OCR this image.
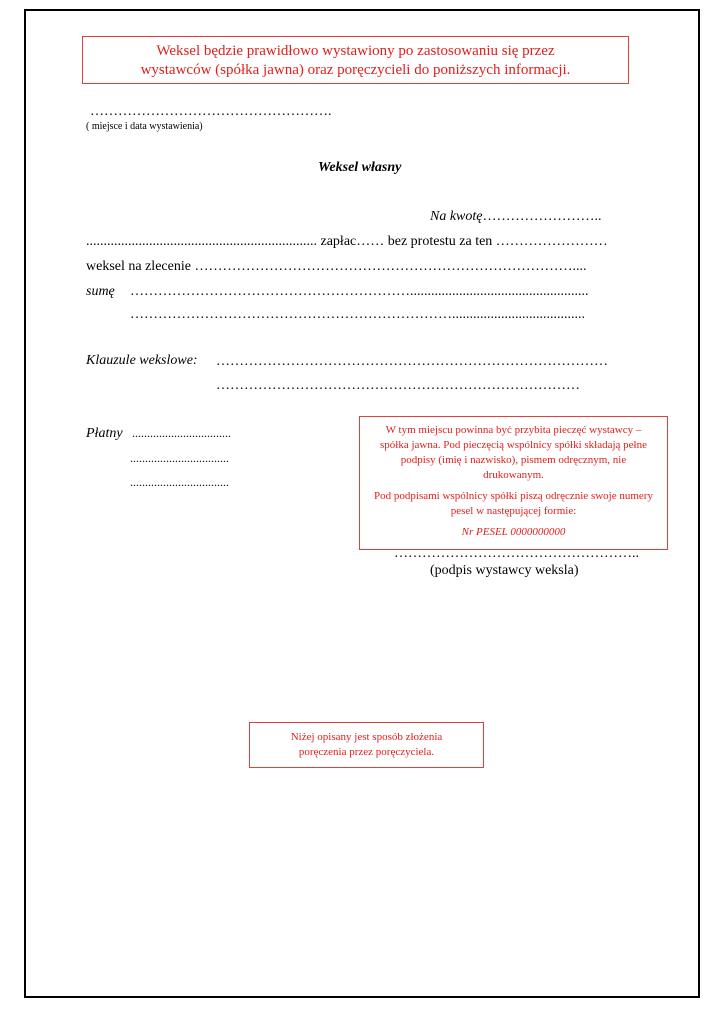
Weksel będzie prawidłowo wystawiony po zastosowaniu się przez
wystawców (spółka jawna) oraz poręczycieli do poniższych informacji.
…………………………………………….
( miejsce i data wystawienia)
Weksel własny
Na kwotę……………………..
.................................................................. zapłac…… bez protestu za ten ……………………
weksel na zlecenie ………………………………………………………………………....
sumę ……………………………………………………...................................................
……………………………………………………………......................................
Klauzule wekslowe: …………………………………………………………………………
……………………………………………………………………
Płatny .................................
.................................
.................................

W tym miejscu powinna być przybita pieczęć wystawcy – spółka jawna. Pod pieczęcią wspólnicy spółki składają pełne podpisy (imię i nazwisko), pismem odręcznym, nie drukowanym.

Pod podpisami wspólnicy spółki piszą odręcznie swoje numery pesel w następującej formie:

Nr PESEL 0000000000

……………………………………………..
(podpis wystawcy weksla)
Niżej opisany jest sposób złożenia
poręczenia przez poręczyciela.
